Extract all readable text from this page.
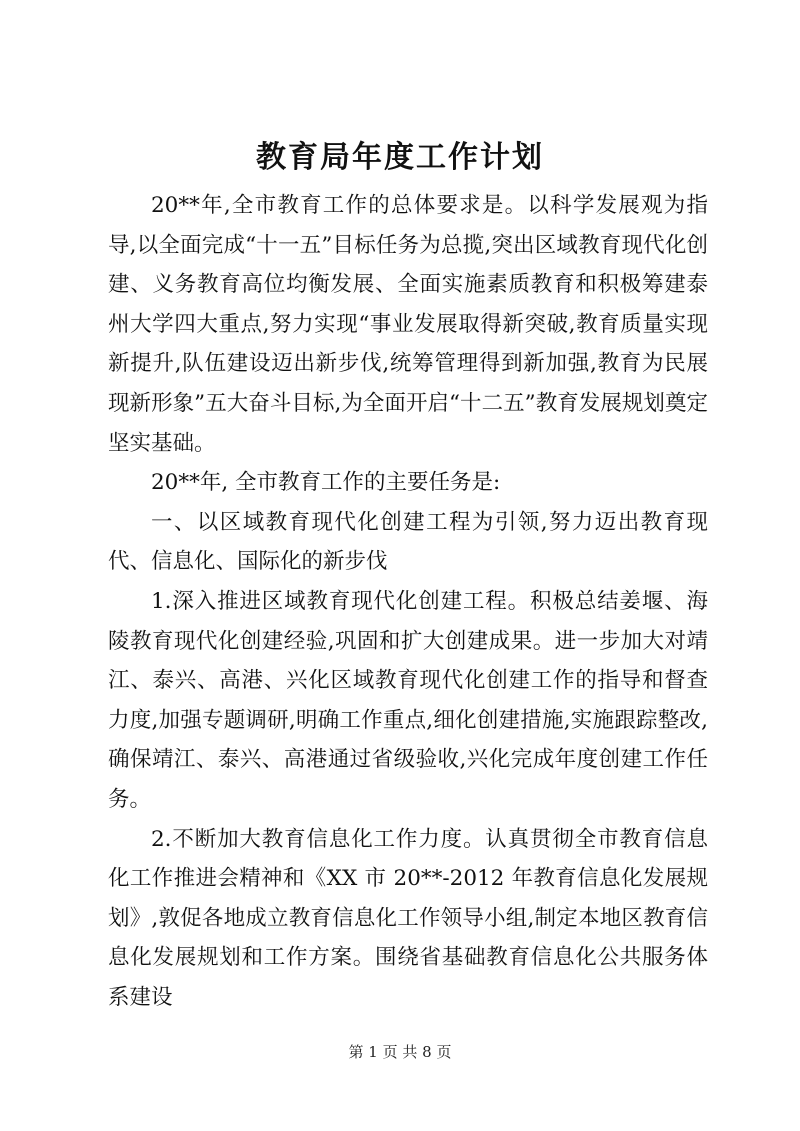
教育局年度工作计划

20**年,全市教育工作的总体要求是。以科学发展观为指导,以全面完成“十一五”目标任务为总揽,突出区域教育现代化创建、义务教育高位均衡发展、全面实施素质教育和积极筹建泰州大学四大重点,努力实现“事业发展取得新突破,教育质量实现新提升,队伍建设迈出新步伐,统筹管理得到新加强,教育为民展现新形象”五大奋斗目标,为全面开启“十二五”教育发展规划奠定坚实基础。

20**年, 全市教育工作的主要任务是:

一、以区域教育现代化创建工程为引领,努力迈出教育现代、信息化、国际化的新步伐

1.深入推进区域教育现代化创建工程。积极总结姜堰、海陵教育现代化创建经验,巩固和扩大创建成果。进一步加大对靖江、泰兴、高港、兴化区域教育现代化创建工作的指导和督查力度,加强专题调研,明确工作重点,细化创建措施,实施跟踪整改,确保靖江、泰兴、高港通过省级验收,兴化完成年度创建工作任务。

2.不断加大教育信息化工作力度。认真贯彻全市教育信息化工作推进会精神和《XX 市 20**-2012 年教育信息化发展规划》,敦促各地成立教育信息化工作领导小组,制定本地区教育信息化发展规划和工作方案。围绕省基础教育信息化公共服务体系建设

第 1 页 共 8 页
